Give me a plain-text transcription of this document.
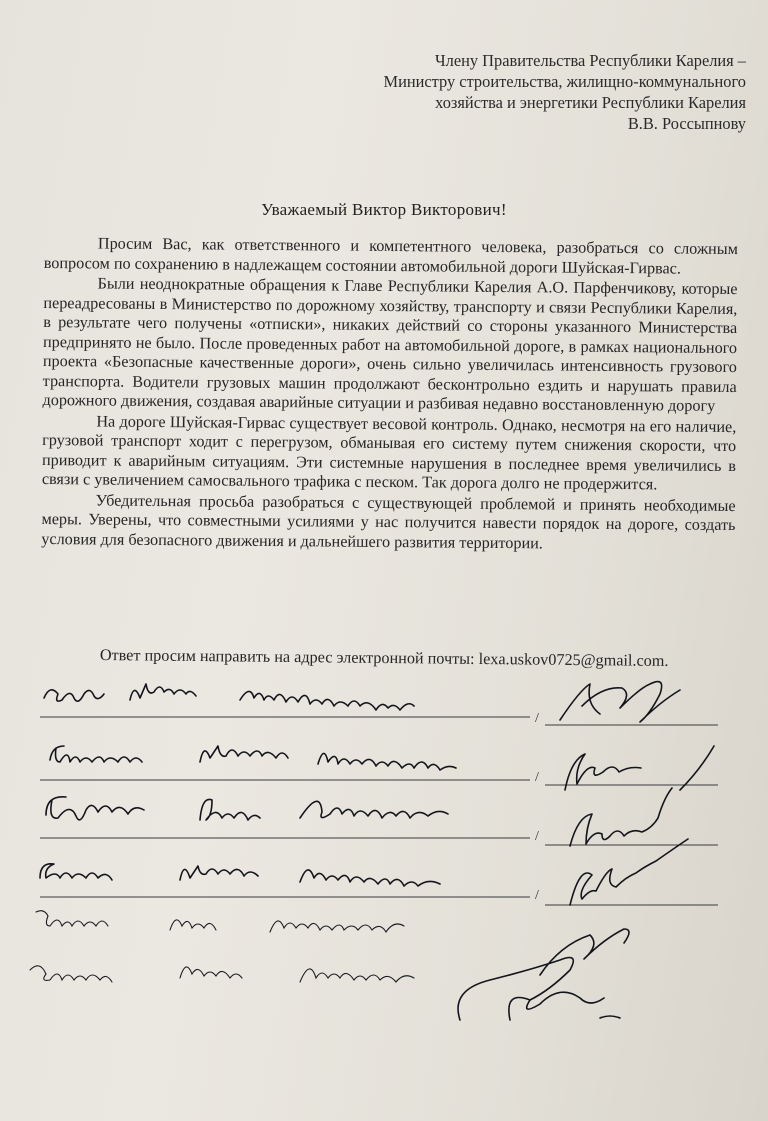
Члену Правительства Республики Карелия –
Министру строительства, жилищно-коммунального
хозяйства и энергетики Республики Карелия
В.В. Россыпнову
Уважаемый Виктор Викторович!

Просим Вас, как ответственного и компетентного человека, разобраться со сложным вопросом по сохранению в надлежащем состоянии автомобильной дороги Шуйская-Гирвас.

Были неоднократные обращения к Главе Республики Карелия А.О. Парфенчикову, которые переадресованы в Министерство по дорожному хозяйству, транспорту и связи Республики Карелия, в результате чего получены «отписки», никаких действий со стороны указанного Министерства предпринято не было. После проведенных работ на автомобильной дороге, в рамках национального проекта «Безопасные качественные дороги», очень сильно увеличилась интенсивность грузового транспорта. Водители грузовых машин продолжают бесконтрольно ездить и нарушать правила дорожного движения, создавая аварийные ситуации и разбивая недавно восстановленную дорогу

На дороге Шуйская-Гирвас существует весовой контроль. Однако, несмотря на его наличие, грузовой транспорт ходит с перегрузом, обманывая его систему путем снижения скорости, что приводит к аварийным ситуациям. Эти системные нарушения в последнее время увеличились в связи с увеличением самосвального трафика с песком. Так дорога долго не продержится.

Убедительная просьба разобраться с существующей проблемой и принять необходимые меры. Уверены, что совместными усилиями у нас получится навести порядок на дороге, создать условия для безопасного движения и дальнейшего развития территории.

Ответ просим направить на адрес электронной почты: lexa.uskov0725@gmail.com.
/
/
/
/
